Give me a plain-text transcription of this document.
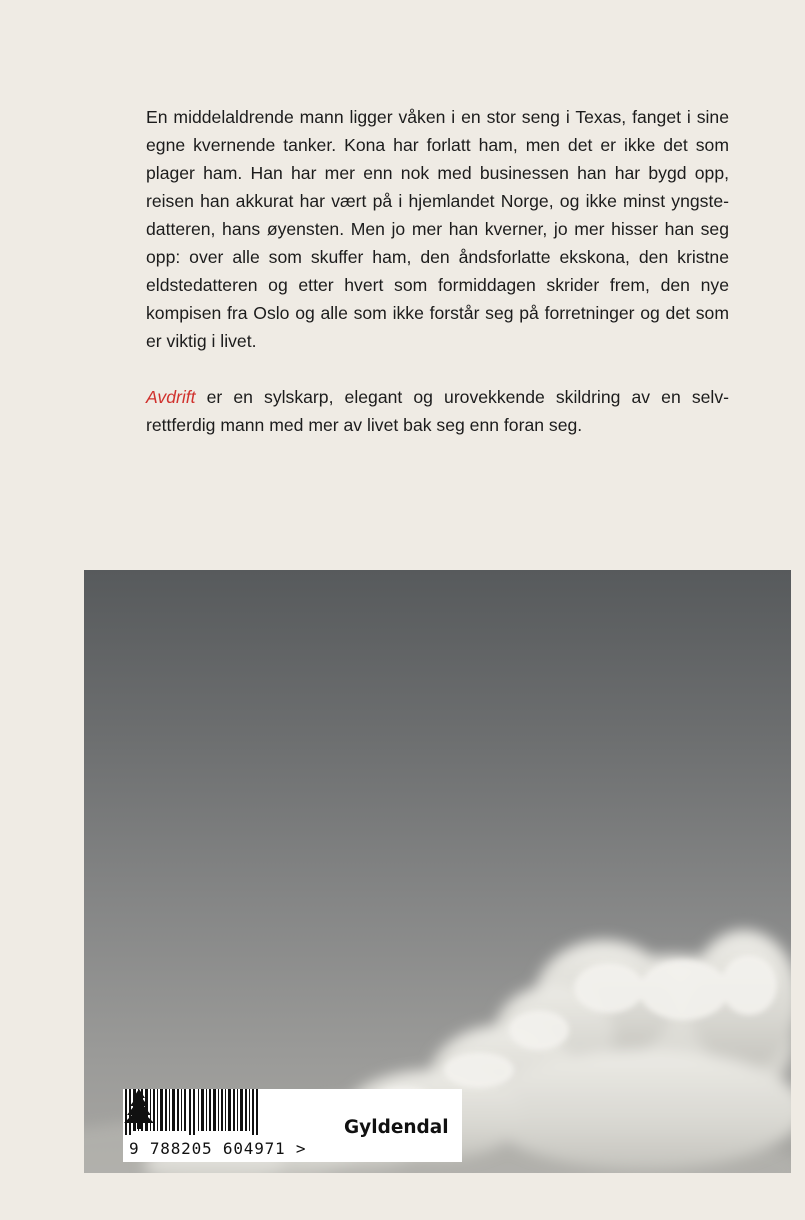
En middelaldrende mann ligger våken i en stor seng i Texas, fanget i sine egne kvernende tanker. Kona har forlatt ham, men det er ikke det som plager ham. Han har mer enn nok med businessen han har bygd opp, reisen han akkurat har vært på i hjemlandet Norge, og ikke minst yngstedatteren, hans øyensten. Men jo mer han kverner, jo mer hisser han seg opp: over alle som skuffer ham, den åndsforlatte ekskona, den kristne eldstedatteren og etter hvert som formiddagen skrider frem, den nye kompisen fra Oslo og alle som ikke forstår seg på forretninger og det som er viktig i livet.

Avdrift er en sylskarp, elegant og urovekkende skildring av en selvrettferdig mann med mer av livet bak seg enn foran seg.

9 788205 604971 >
Gyldendal
